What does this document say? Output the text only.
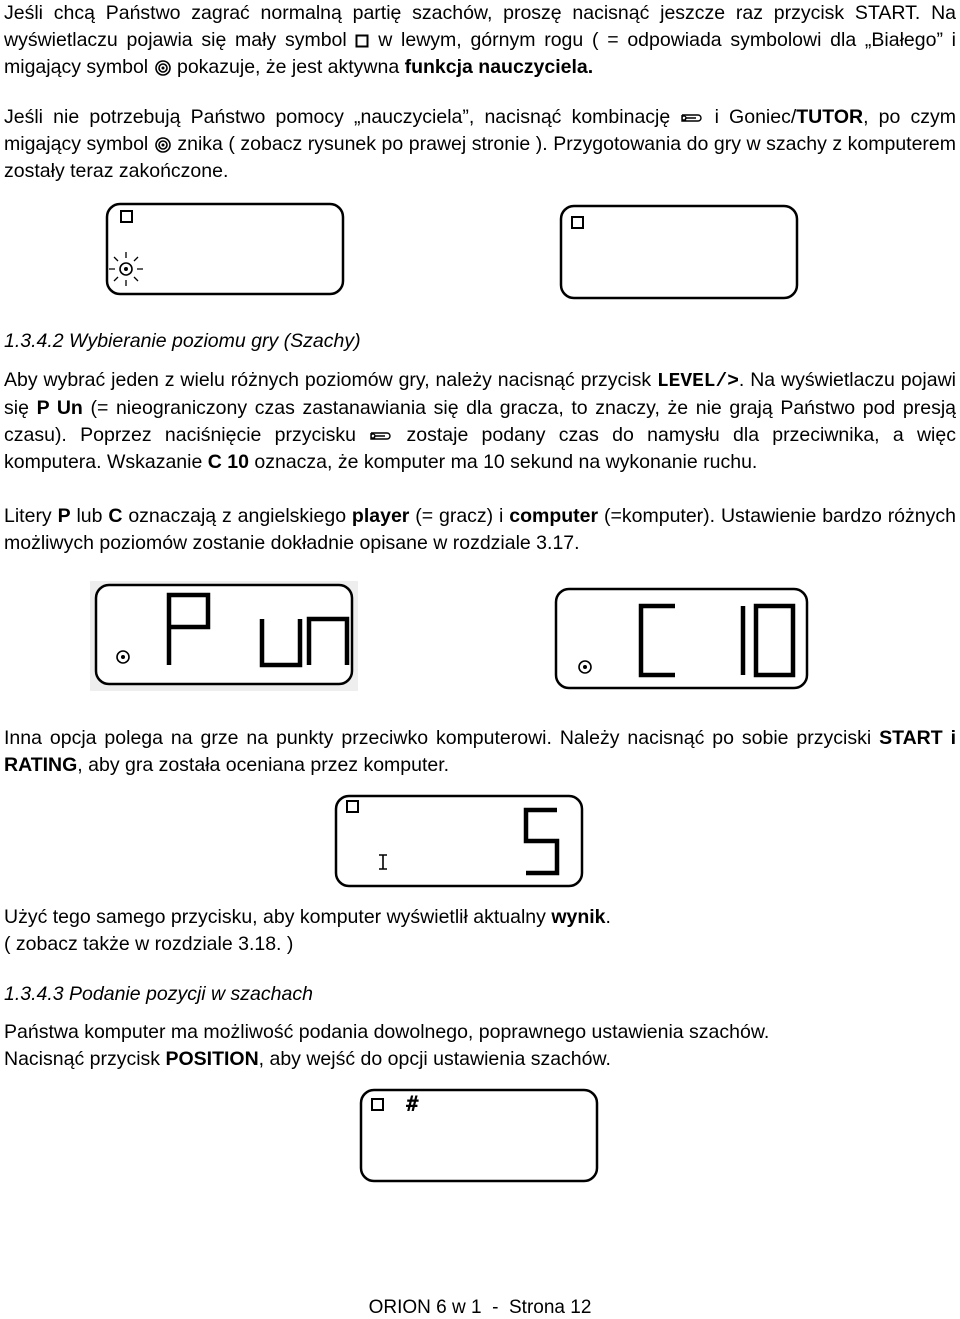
Jeśli chcą Państwo zagrać normalną partię szachów, proszę nacisnąć jeszcze raz przycisk START. Na wyświetlaczu pojawia się mały symbol w lewym, górnym rogu ( = odpowiada symbolowi dla „Białego” i migający symbol pokazuje, że jest aktywna funkcja nauczyciela.

Jeśli nie potrzebują Państwo pomocy „nauczyciela”, nacisnąć kombinację i Goniec/TUTOR, po czym migający symbol znika ( zobacz rysunek po prawej stronie ). Przygotowania do gry w szachy z komputerem zostały teraz zakończone.

1.3.4.2 Wybieranie poziomu gry (Szachy)

Aby wybrać jeden z wielu różnych poziomów gry, należy nacisnąć przycisk LEVEL/>. Na wyświetlaczu pojawi się P Un (= nieograniczony czas zastanawiania się dla gracza, to znaczy, że nie grają Państwo pod presją czasu). Poprzez naciśnięcie przycisku	zostaje podany czas do namysłu dla przeciwnika, a więc komputera. Wskazanie C 10 oznacza, że komputer ma 10 sekund na wykonanie ruchu.

Litery P lub C oznaczają z angielskiego player (= gracz) i computer (=komputer). Ustawienie bardzo różnych możliwych poziomów zostanie dokładnie opisane w rozdziale 3.17.

Inna opcja polega na grze na punkty przeciwko komputerowi. Należy nacisnąć po sobie przyciski START i RATING, aby gra została oceniana przez komputer.

Użyć tego samego przycisku, aby komputer wyświetlił aktualny wynik.

( zobacz także w rozdziale 3.18. )

1.3.4.3 Podanie pozycji w szachach

Państwa komputer ma możliwość podania dowolnego, poprawnego ustawienia szachów.
Nacisnąć przycisk POSITION, aby wejść do opcji ustawienia szachów.

#
ORION 6 w 1  -  Strona 12
